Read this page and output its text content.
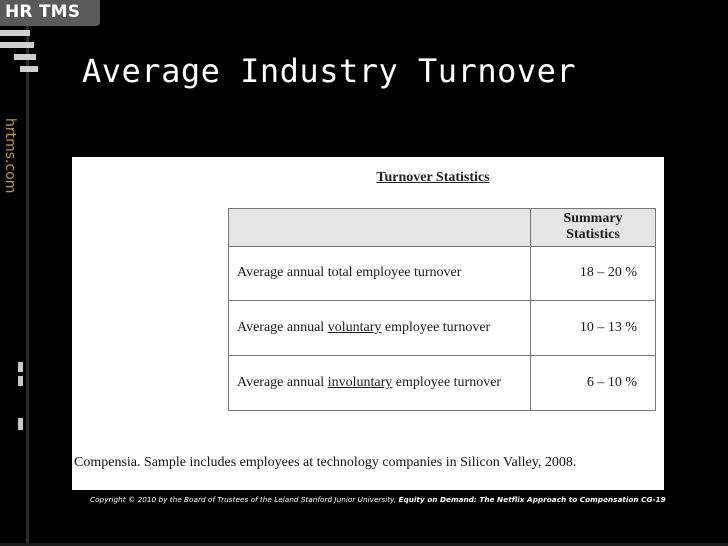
HR TMS
hrtms.com
Average Industry Turnover
Turnover Statistics
	Summary
Statistics
Average annual total employee turnover	18 – 20 %
Average annual voluntary employee turnover	10 – 13 %
Average annual involuntary employee turnover	6 – 10 %
Compensia. Sample includes employees at technology companies in Silicon Valley, 2008.
Copyright © 2010 by the Board of Trustees of the Leland Stanford Junior University, Equity on Demand: The Netflix Approach to Compensation CG-19
